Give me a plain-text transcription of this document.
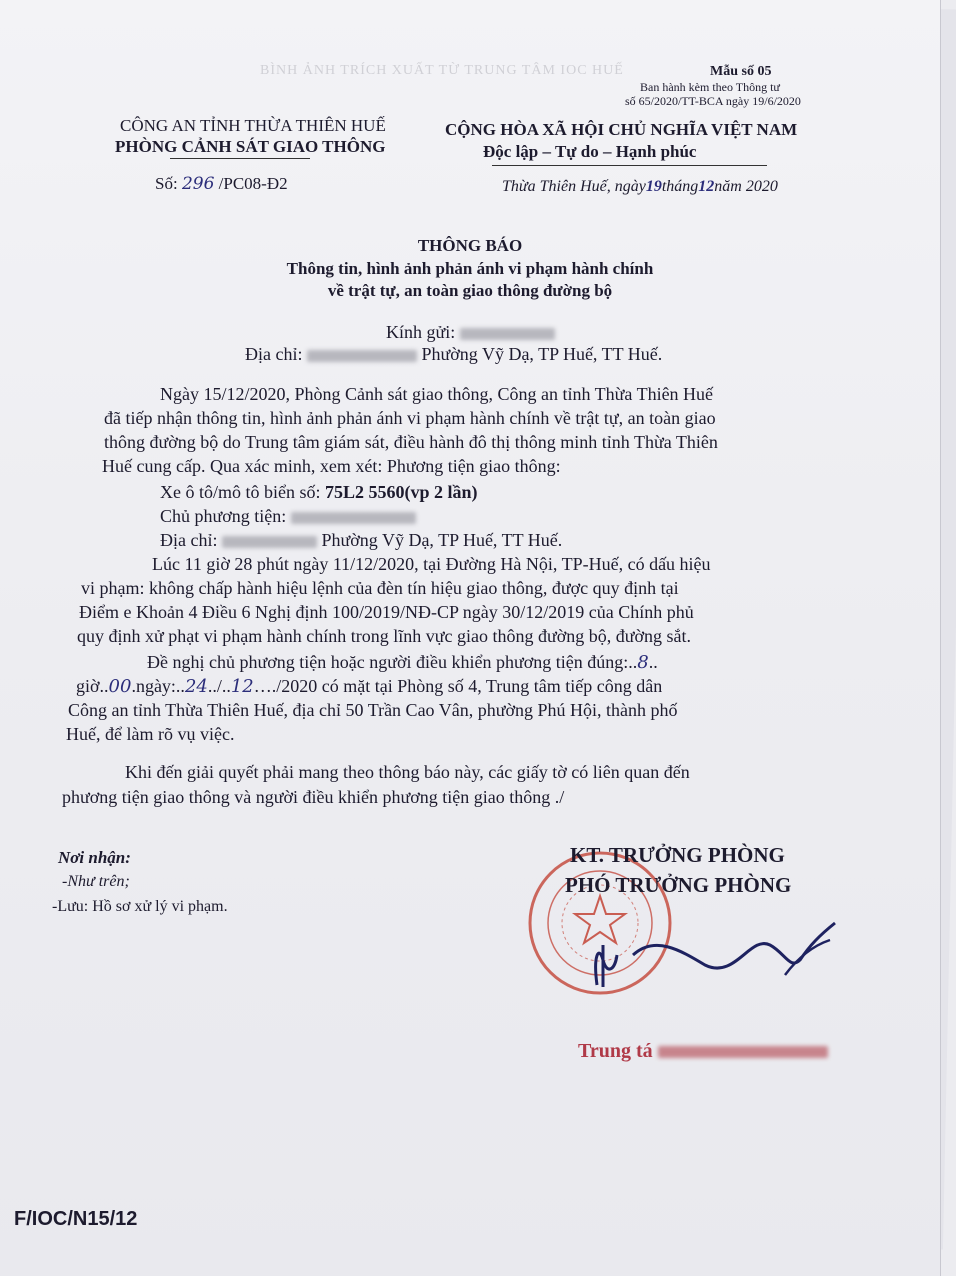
BÌNH ẢNH TRÍCH XUẤT TỪ TRUNG TÂM IOC HUẾ	Mẫu số 05
Ban hành kèm theo Thông tư
số 65/2020/TT-BCA ngày 19/6/2020
CÔNG AN TỈNH THỪA THIÊN HUẾ
PHÒNG CẢNH SÁT GIAO THÔNG
CỘNG HÒA XÃ HỘI CHỦ NGHĨA VIỆT NAM
Độc lập – Tự do – Hạnh phúc
Số: 296 /PC08-Đ2	Thừa Thiên Huế, ngày19tháng12năm 2020
THÔNG BÁO
Thông tin, hình ảnh phản ánh vi phạm hành chính
về trật tự, an toàn giao thông đường bộ
Kính gửi:
Địa chỉ:	Phường Vỹ Dạ, TP Huế, TT Huế.
Ngày 15/12/2020, Phòng Cảnh sát giao thông, Công an tỉnh Thừa Thiên Huế
đã tiếp nhận thông tin, hình ảnh phản ánh vi phạm hành chính về trật tự, an toàn giao
thông đường bộ do Trung tâm giám sát, điều hành đô thị thông minh tỉnh Thừa Thiên
Huế cung cấp. Qua xác minh, xem xét: Phương tiện giao thông:
Xe ô tô/mô tô biển số: 75L2 5560(vp 2 lần)
Chủ phương tiện:
Địa chỉ:	Phường Vỹ Dạ, TP Huế, TT Huế.
Lúc 11 giờ 28 phút ngày 11/12/2020, tại Đường Hà Nội, TP-Huế, có dấu hiệu
vi phạm: không chấp hành hiệu lệnh của đèn tín hiệu giao thông, được quy định tại
Điểm e Khoản 4 Điều 6 Nghị định 100/2019/NĐ-CP ngày 30/12/2019 của Chính phủ
quy định xử phạt vi phạm hành chính trong lĩnh vực giao thông đường bộ, đường sắt.
Đề nghị chủ phương tiện hoặc người điều khiển phương tiện đúng:..8..
giờ..00.ngày:..24../..12…./2020 có mặt tại Phòng số 4, Trung tâm tiếp công dân
Công an tỉnh Thừa Thiên Huế, địa chỉ 50 Trần Cao Vân, phường Phú Hội, thành phố
Huế, để làm rõ vụ việc.
Khi đến giải quyết phải mang theo thông báo này, các giấy tờ có liên quan đến
phương tiện giao thông và người điều khiển phương tiện giao thông ./
Nơi nhận:
-Như trên;
-Lưu: Hồ sơ xử lý vi phạm.
KT. TRƯỞNG PHÒNG
PHÓ TRƯỞNG PHÒNG
Trung tá
F/IOC/N15/12
